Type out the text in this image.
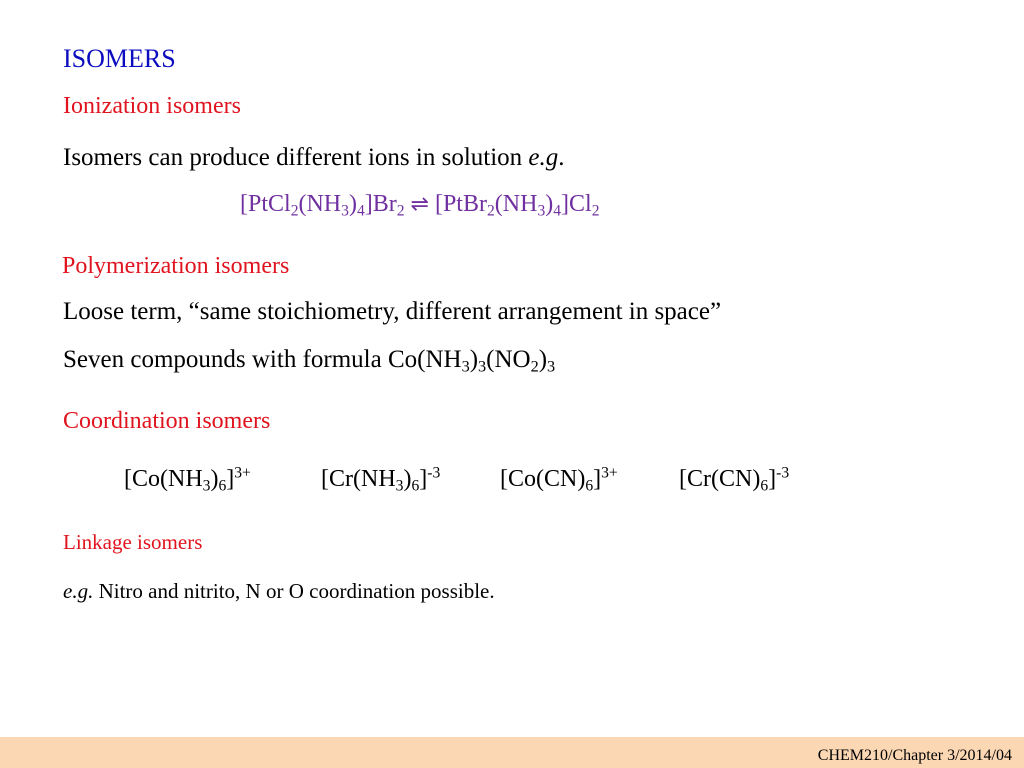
ISOMERS
Ionization isomers
Isomers can produce different ions in solution e.g.
$[PtCl_2(NH_3)_4]Br_2$ ⇌ $[PtBr_2(NH_3)_4]Cl_2$
Polymerization isomers
Loose term, “same stoichiometry, different arrangement in space”
Seven compounds with formula $Co(NH_3)_3(NO_2)_3$
Coordination isomers
$[Co(NH_3)_6]^{3+}$	$[Cr(NH_3)_6]^{-3}$ $[Co(CN)_6]^{3+}$	$[Cr(CN)_6]^{-3}$
Linkage isomers
e.g. Nitro and nitrito, N or O coordination possible.
CHEM210/Chapter 3/2014/04
